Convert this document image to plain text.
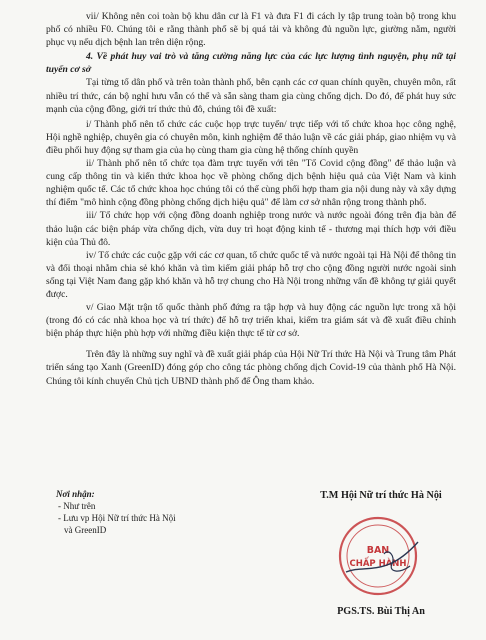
vii/ Không nên coi toàn bộ khu dân cư là F1 và đưa F1 đi cách ly tập trung toàn bộ trong khu phố có nhiều F0. Chúng tôi e rằng thành phố sẽ bị quá tải và không đủ nguồn lực, giường nằm, người phục vụ nếu dịch bệnh lan trên diện rộng.

4. Về phát huy vai trò và tăng cường năng lực của các lực lượng tình nguyện, phụ nữ tại tuyến cơ sở

Tại từng tổ dân phố và trên toàn thành phố, bên cạnh các cơ quan chính quyền, chuyên môn, rất nhiều trí thức, cán bộ nghỉ hưu vẫn có thể và sẵn sàng tham gia cùng chống dịch. Do đó, để phát huy sức mạnh của cộng đồng, giới trí thức thủ đô, chúng tôi đề xuất:

i/ Thành phố nên tổ chức các cuộc họp trực tuyến/ trực tiếp với tổ chức khoa học công nghệ, Hội nghề nghiệp, chuyên gia có chuyên môn, kinh nghiệm để thảo luận về các giải pháp, giao nhiệm vụ và điều phối huy động sự tham gia của họ cùng tham gia cùng hệ thống chính quyền

ii/ Thành phố nên tổ chức tọa đàm trực tuyến với tên "Tổ Covid cộng đồng" để thảo luận và cung cấp thông tin và kiến thức khoa học về phòng chống dịch bệnh hiệu quả của Việt Nam và kinh nghiệm quốc tế. Các tổ chức khoa học chúng tôi có thể cùng phối hợp tham gia nội dung này và xây dựng thí điểm "mô hình cộng đồng phòng chống dịch hiệu quả" để làm cơ sở nhân rộng trong thành phố.

iii/ Tổ chức họp với cộng đồng doanh nghiệp trong nước và nước ngoài đóng trên địa bàn để thảo luận các biện pháp vừa chống dịch, vừa duy trì hoạt động kinh tế - thương mại thích hợp với điều kiện của Thủ đô.

iv/ Tổ chức các cuộc gặp với các cơ quan, tổ chức quốc tế và nước ngoài tại Hà Nội để thông tin và đối thoại nhằm chia sẻ khó khăn và tìm kiếm giải pháp hỗ trợ cho cộng đồng người nước ngoài sinh sống tại Việt Nam đang gặp khó khăn và hỗ trợ chung cho Hà Nội trong những vấn đề không tự giải quyết được.

v/ Giao Mặt trận tổ quốc thành phố đứng ra tập hợp và huy động các nguồn lực trong xã hội (trong đó có các nhà khoa học và trí thức) để hỗ trợ triển khai, kiểm tra giám sát và đề xuất điều chỉnh biện pháp thực hiện phù hợp với những điều kiện thực tế từ cơ sở.

Trên đây là những suy nghĩ và đề xuất giải pháp của Hội Nữ Trí thức Hà Nội và Trung tâm Phát triển sáng tạo Xanh (GreenID) đóng góp cho công tác phòng chống dịch Covid-19 của thành phố Hà Nội. Chúng tôi kính chuyển Chủ tịch UBND thành phố để Ông tham khảo.

Nơi nhận:
- Như trên
- Lưu vp Hội Nữ trí thức Hà Nội
và GreenID
T.M Hội Nữ trí thức Hà Nội
BAN
CHẤP HÀNH
PGS.TS. Bùi Thị An
